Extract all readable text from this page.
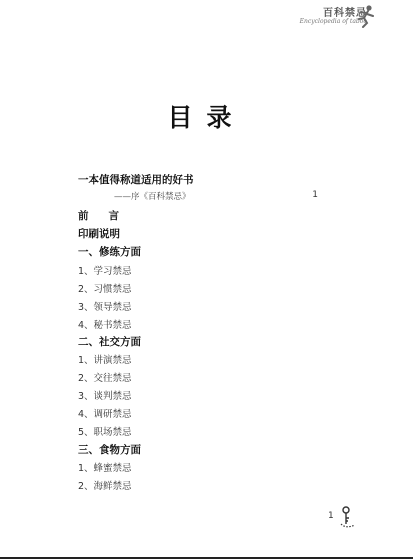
百科禁忌
Encyclopedia of taboo
目录
一本值得称道适用的好书
——序《百科禁忌》	1
前 言
印刷说明
一、修练方面
1、学习禁忌
2、习惯禁忌
3、领导禁忌
4、秘书禁忌
二、社交方面
1、讲演禁忌
2、交往禁忌
3、谈判禁忌
4、调研禁忌
5、职场禁忌
三、食物方面
1、蜂蜜禁忌
2、海鲜禁忌
1
